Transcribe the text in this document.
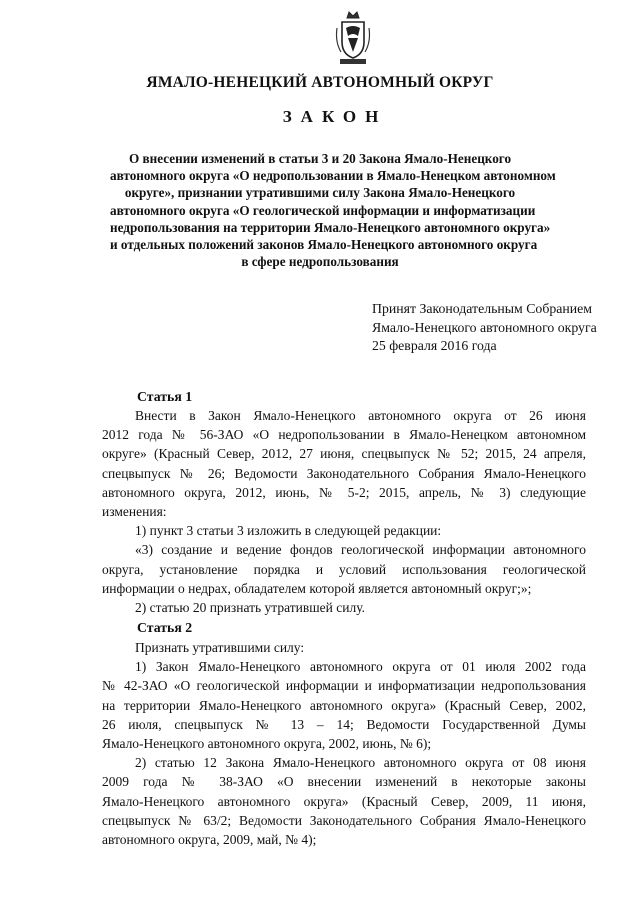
ЯМАЛО-НЕНЕЦКИЙ АВТОНОМНЫЙ ОКРУГ
ЗАКОН
О внесении изменений в статьи 3 и 20 Закона Ямало-Ненецкого
автономного округа «О недропользовании в Ямало-Ненецком автономном
округе», признании утратившими силу Закона Ямало-Ненецкого
автономного округа «О геологической информации и информатизации
недропользования на территории Ямало-Ненецкого автономного округа»
и отдельных положений законов Ямало-Ненецкого автономного округа
в сфере недропользования
Принят Законодательным Собранием
Ямало-Ненецкого автономного округа
25 февраля 2016 года
Статья 1
Внести в Закон Ямало-Ненецкого автономного округа от 26 июня
2012 года № 56-ЗАО «О недропользовании в Ямало-Ненецком автономном
округе» (Красный Север, 2012, 27 июня, спецвыпуск № 52; 2015, 24 апреля,
спецвыпуск № 26; Ведомости Законодательного Собрания Ямало-Ненецкого
автономного округа, 2012, июнь, № 5-2; 2015, апрель, № 3) следующие
изменения:
1) пункт 3 статьи 3 изложить в следующей редакции:
«3) создание и ведение фондов геологической информации автономного
округа, установление порядка и условий использования геологической
информации о недрах, обладателем которой является автономный округ;»;
2) статью 20 признать утратившей силу.
Статья 2
Признать утратившими силу:
1) Закон Ямало-Ненецкого автономного округа от 01 июля 2002 года
№ 42-ЗАО «О геологической информации и информатизации недропользования
на территории Ямало-Ненецкого автономного округа» (Красный Север, 2002,
26 июля, спецвыпуск № 13 – 14; Ведомости Государственной Думы
Ямало-Ненецкого автономного округа, 2002, июнь, № 6);
2) статью 12 Закона Ямало-Ненецкого автономного округа от 08 июня
2009 года № 38-ЗАО «О внесении изменений в некоторые законы
Ямало-Ненецкого автономного округа» (Красный Север, 2009, 11 июня,
спецвыпуск № 63/2; Ведомости Законодательного Собрания Ямало-Ненецкого
автономного округа, 2009, май, № 4);
